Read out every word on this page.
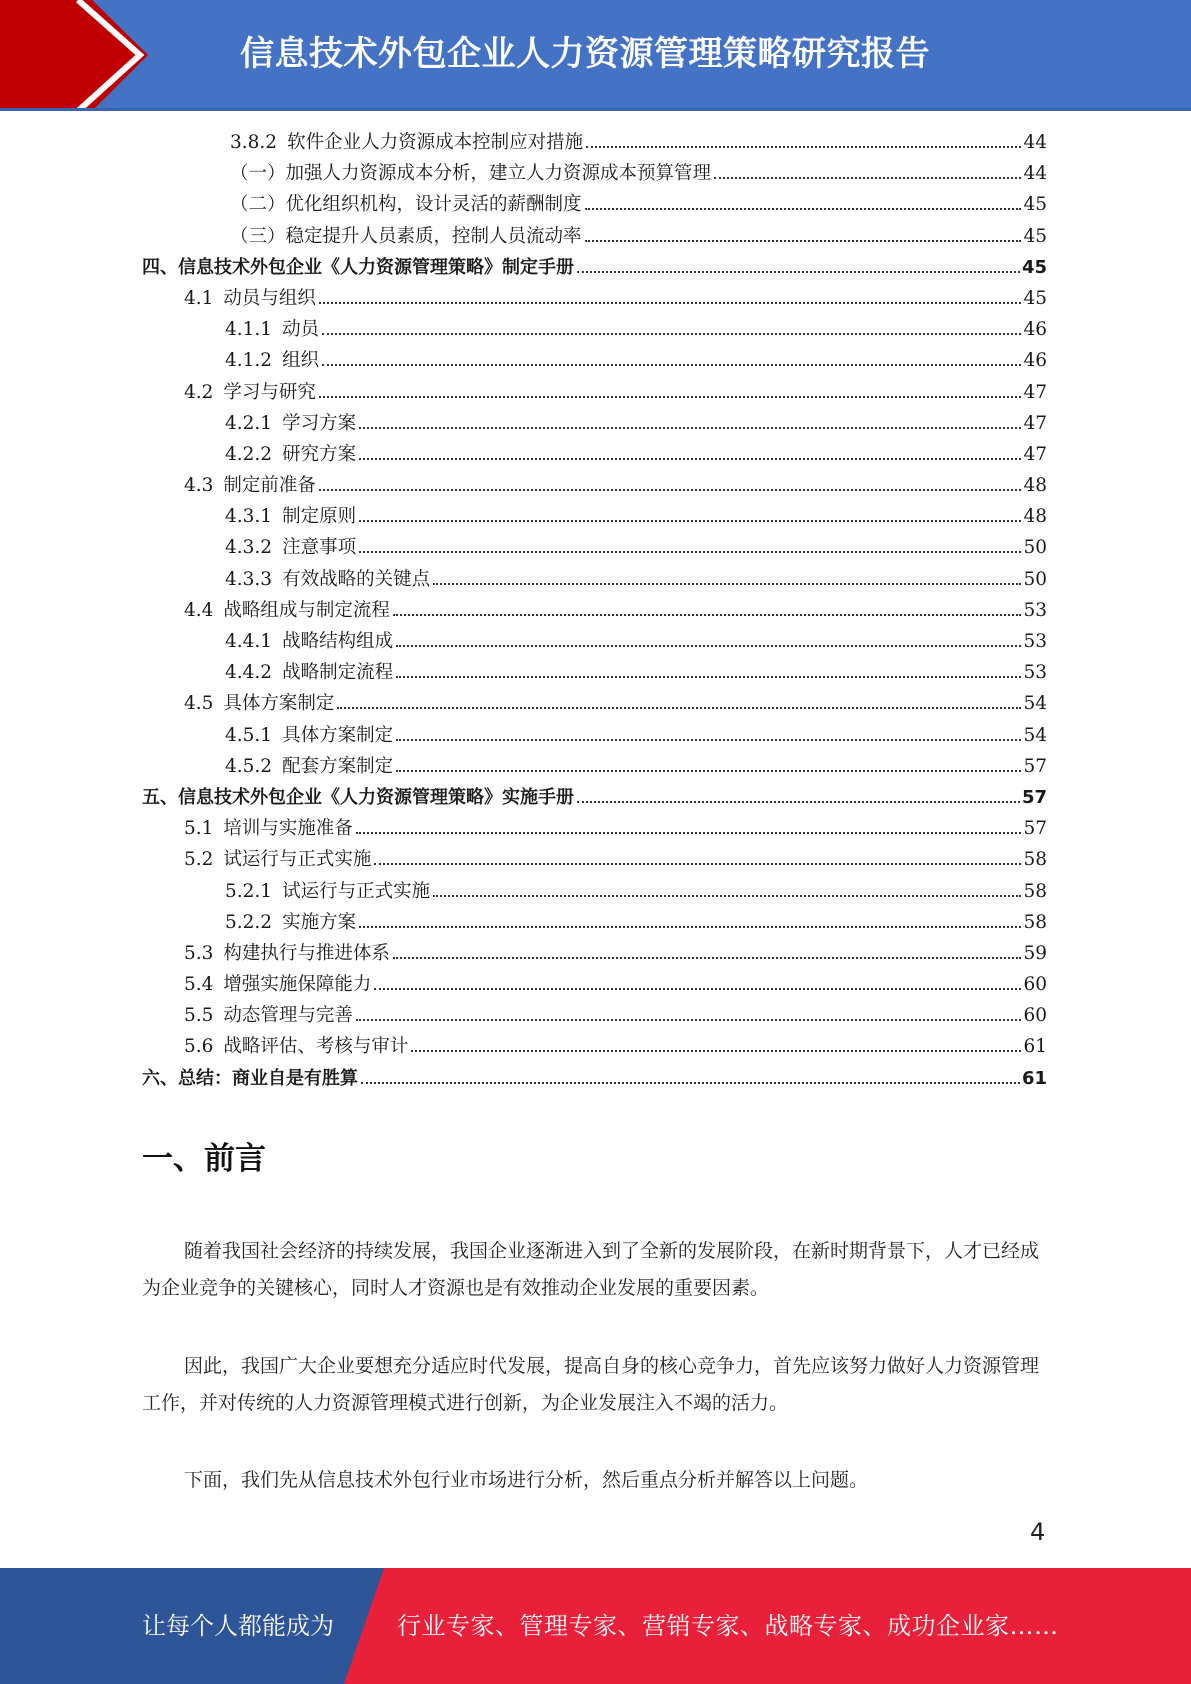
信息技术外包企业人力资源管理策略研究报告
3.8.2 软件企业人力资源成本控制应对措施	44
（一）加强人力资源成本分析，建立人力资源成本预算管理	44
（二）优化组织机构，设计灵活的薪酬制度	45
（三）稳定提升人员素质，控制人员流动率	45
四、信息技术外包企业《人力资源管理策略》制定手册	45
4.1 动员与组织	45
4.1.1 动员	46
4.1.2 组织	46
4.2 学习与研究	47
4.2.1 学习方案	47
4.2.2 研究方案	47
4.3 制定前准备	48
4.3.1 制定原则	48
4.3.2 注意事项	50
4.3.3 有效战略的关键点	50
4.4 战略组成与制定流程	53
4.4.1 战略结构组成	53
4.4.2 战略制定流程	53
4.5 具体方案制定	54
4.5.1 具体方案制定	54
4.5.2 配套方案制定	57
五、信息技术外包企业《人力资源管理策略》实施手册	57
5.1 培训与实施准备	57
5.2 试运行与正式实施	58
5.2.1 试运行与正式实施	58
5.2.2 实施方案	58
5.3 构建执行与推进体系	59
5.4 增强实施保障能力	60
5.5 动态管理与完善	60
5.6 战略评估、考核与审计	61
六、总结：商业自是有胜算	61
一、前言
随着我国社会经济的持续发展，我国企业逐渐进入到了全新的发展阶段，在新时期背景下，人才已经成为企业竞争的关键核心，同时人才资源也是有效推动企业发展的重要因素。
因此，我国广大企业要想充分适应时代发展，提高自身的核心竞争力，首先应该努力做好人力资源管理工作，并对传统的人力资源管理模式进行创新，为企业发展注入不竭的活力。
下面，我们先从信息技术外包行业市场进行分析，然后重点分析并解答以上问题。
4
让每个人都能成为	行业专家、管理专家、营销专家、战略专家、成功企业家……
